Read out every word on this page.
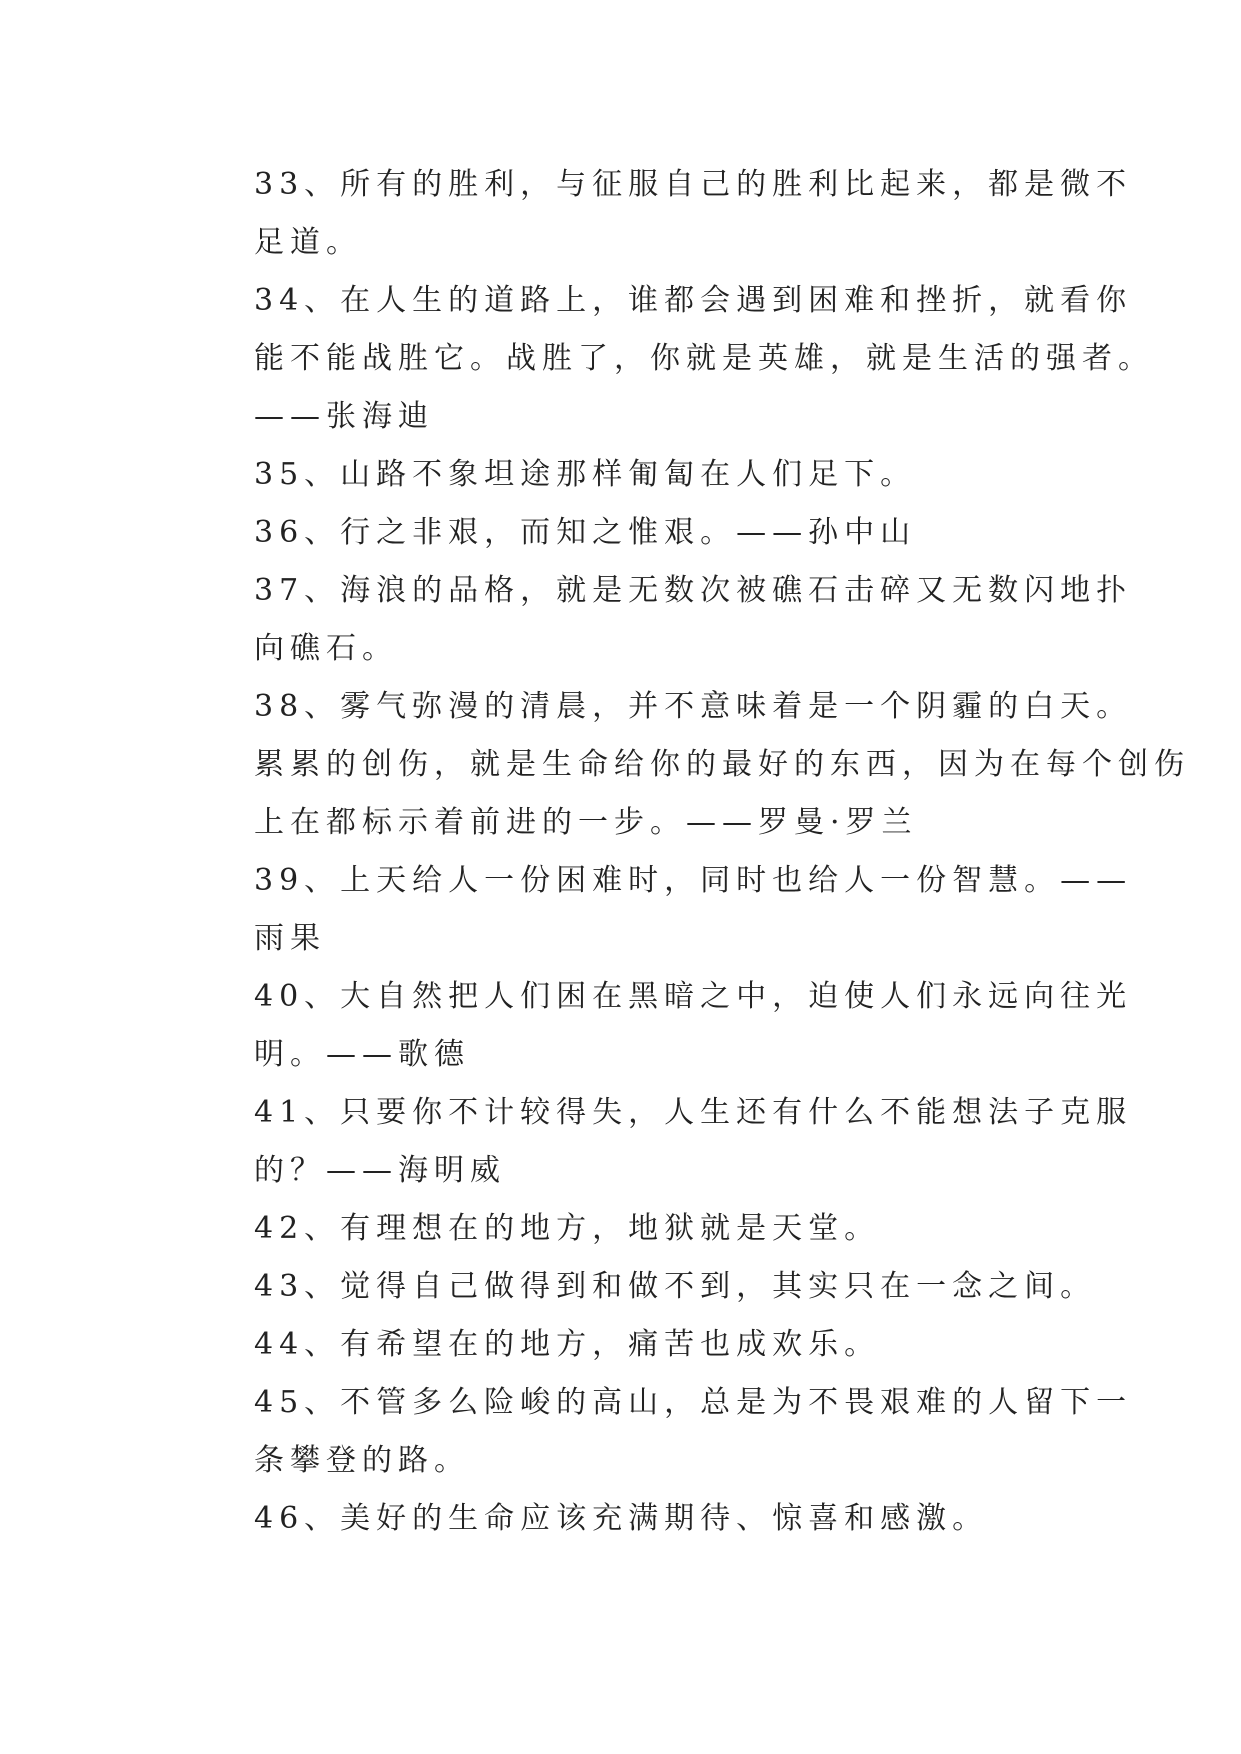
33、所有的胜利，与征服自己的胜利比起来，都是微不
足道。
34、在人生的道路上，谁都会遇到困难和挫折，就看你
能不能战胜它。战胜了，你就是英雄，就是生活的强者。
——张海迪
35、山路不象坦途那样匍匐在人们足下。
36、行之非艰，而知之惟艰。——孙中山
37、海浪的品格，就是无数次被礁石击碎又无数闪地扑
向礁石。
38、雾气弥漫的清晨，并不意味着是一个阴霾的白天。
累累的创伤，就是生命给你的最好的东西，因为在每个创伤
上在都标示着前进的一步。——罗曼·罗兰
39、上天给人一份困难时，同时也给人一份智慧。——
雨果
40、大自然把人们困在黑暗之中，迫使人们永远向往光
明。——歌德
41、只要你不计较得失，人生还有什么不能想法子克服
的？——海明威
42、有理想在的地方，地狱就是天堂。
43、觉得自己做得到和做不到，其实只在一念之间。
44、有希望在的地方，痛苦也成欢乐。
45、不管多么险峻的高山，总是为不畏艰难的人留下一
条攀登的路。
46、美好的生命应该充满期待、惊喜和感激。
